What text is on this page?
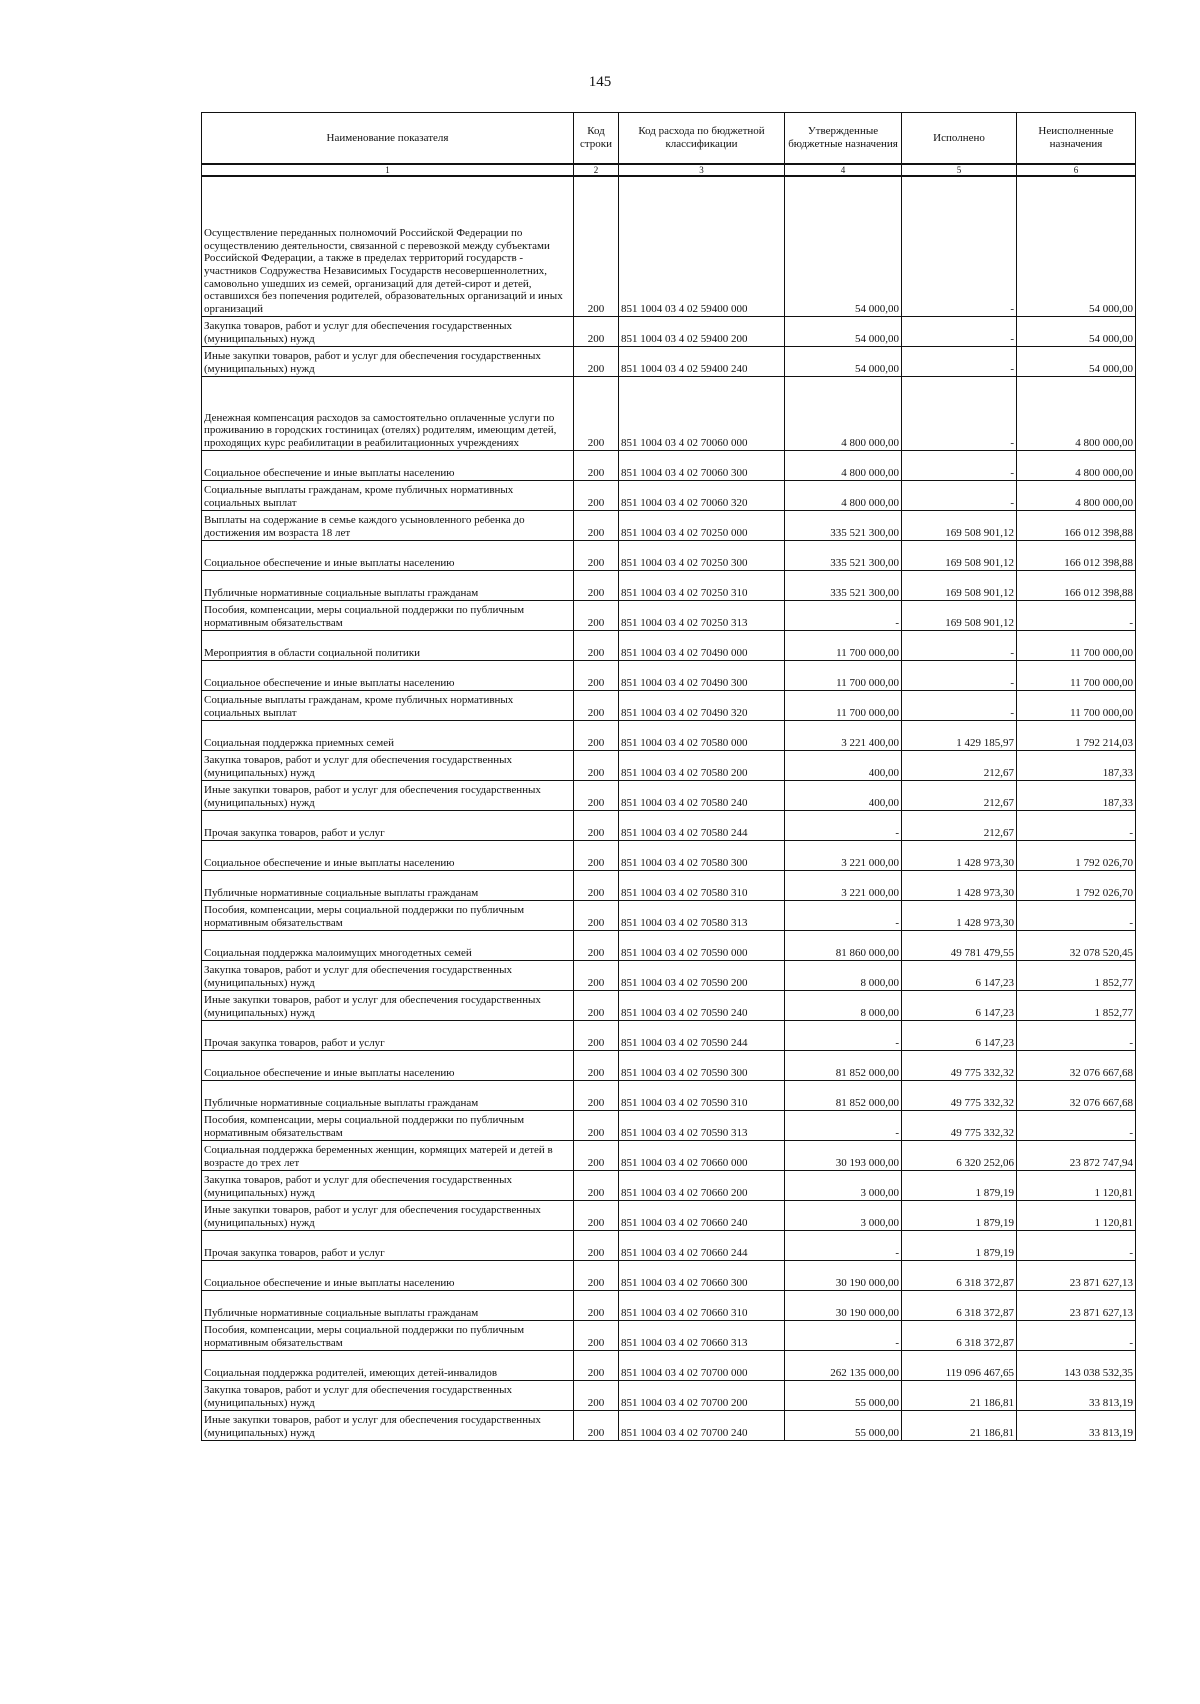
145
Наименование показателя	Код строки	Код расхода по бюджетной классификации	Утвержденные бюджетные назначения	Исполнено	Неисполненные назначения
1	2	3	4	5	6
Осуществление переданных полномочий Российской Федерации по осуществлению деятельности, связанной с перевозкой между субъектами Российской Федерации, а также в пределах территорий государств - участников Содружества Независимых Государств несовершеннолетних, самовольно ушедших из семей, организаций для детей-сирот и детей, оставшихся без попечения родителей, образовательных организаций и иных организаций	200	851 1004 03 4 02 59400 000	54 000,00	-	54 000,00
Закупка товаров, работ и услуг для обеспечения государственных (муниципальных) нужд	200	851 1004 03 4 02 59400 200	54 000,00	-	54 000,00
Иные закупки товаров, работ и услуг для обеспечения государственных (муниципальных) нужд	200	851 1004 03 4 02 59400 240	54 000,00	-	54 000,00
Денежная компенсация расходов за самостоятельно оплаченные услуги по проживанию в городских гостиницах (отелях) родителям, имеющим детей, проходящих курс реабилитации в реабилитационных учреждениях	200	851 1004 03 4 02 70060 000	4 800 000,00	-	4 800 000,00
Социальное обеспечение и иные выплаты населению	200	851 1004 03 4 02 70060 300	4 800 000,00	-	4 800 000,00
Социальные выплаты гражданам, кроме публичных нормативных социальных выплат	200	851 1004 03 4 02 70060 320	4 800 000,00	-	4 800 000,00
Выплаты на содержание в семье каждого усыновленного ребенка до достижения им возраста 18 лет	200	851 1004 03 4 02 70250 000	335 521 300,00	169 508 901,12	166 012 398,88
Социальное обеспечение и иные выплаты населению	200	851 1004 03 4 02 70250 300	335 521 300,00	169 508 901,12	166 012 398,88
Публичные нормативные социальные выплаты гражданам	200	851 1004 03 4 02 70250 310	335 521 300,00	169 508 901,12	166 012 398,88
Пособия, компенсации, меры социальной поддержки по публичным нормативным обязательствам	200	851 1004 03 4 02 70250 313	-	169 508 901,12	-
Мероприятия в области социальной политики	200	851 1004 03 4 02 70490 000	11 700 000,00	-	11 700 000,00
Социальное обеспечение и иные выплаты населению	200	851 1004 03 4 02 70490 300	11 700 000,00	-	11 700 000,00
Социальные выплаты гражданам, кроме публичных нормативных социальных выплат	200	851 1004 03 4 02 70490 320	11 700 000,00	-	11 700 000,00
Социальная поддержка приемных семей	200	851 1004 03 4 02 70580 000	3 221 400,00	1 429 185,97	1 792 214,03
Закупка товаров, работ и услуг для обеспечения государственных (муниципальных) нужд	200	851 1004 03 4 02 70580 200	400,00	212,67	187,33
Иные закупки товаров, работ и услуг для обеспечения государственных (муниципальных) нужд	200	851 1004 03 4 02 70580 240	400,00	212,67	187,33
Прочая закупка товаров, работ и услуг	200	851 1004 03 4 02 70580 244	-	212,67	-
Социальное обеспечение и иные выплаты населению	200	851 1004 03 4 02 70580 300	3 221 000,00	1 428 973,30	1 792 026,70
Публичные нормативные социальные выплаты гражданам	200	851 1004 03 4 02 70580 310	3 221 000,00	1 428 973,30	1 792 026,70
Пособия, компенсации, меры социальной поддержки по публичным нормативным обязательствам	200	851 1004 03 4 02 70580 313	-	1 428 973,30	-
Социальная поддержка малоимущих многодетных семей	200	851 1004 03 4 02 70590 000	81 860 000,00	49 781 479,55	32 078 520,45
Закупка товаров, работ и услуг для обеспечения государственных (муниципальных) нужд	200	851 1004 03 4 02 70590 200	8 000,00	6 147,23	1 852,77
Иные закупки товаров, работ и услуг для обеспечения государственных (муниципальных) нужд	200	851 1004 03 4 02 70590 240	8 000,00	6 147,23	1 852,77
Прочая закупка товаров, работ и услуг	200	851 1004 03 4 02 70590 244	-	6 147,23	-
Социальное обеспечение и иные выплаты населению	200	851 1004 03 4 02 70590 300	81 852 000,00	49 775 332,32	32 076 667,68
Публичные нормативные социальные выплаты гражданам	200	851 1004 03 4 02 70590 310	81 852 000,00	49 775 332,32	32 076 667,68
Пособия, компенсации, меры социальной поддержки по публичным нормативным обязательствам	200	851 1004 03 4 02 70590 313	-	49 775 332,32	-
Социальная поддержка беременных женщин, кормящих матерей и детей в возрасте до трех лет	200	851 1004 03 4 02 70660 000	30 193 000,00	6 320 252,06	23 872 747,94
Закупка товаров, работ и услуг для обеспечения государственных (муниципальных) нужд	200	851 1004 03 4 02 70660 200	3 000,00	1 879,19	1 120,81
Иные закупки товаров, работ и услуг для обеспечения государственных (муниципальных) нужд	200	851 1004 03 4 02 70660 240	3 000,00	1 879,19	1 120,81
Прочая закупка товаров, работ и услуг	200	851 1004 03 4 02 70660 244	-	1 879,19	-
Социальное обеспечение и иные выплаты населению	200	851 1004 03 4 02 70660 300	30 190 000,00	6 318 372,87	23 871 627,13
Публичные нормативные социальные выплаты гражданам	200	851 1004 03 4 02 70660 310	30 190 000,00	6 318 372,87	23 871 627,13
Пособия, компенсации, меры социальной поддержки по публичным нормативным обязательствам	200	851 1004 03 4 02 70660 313	-	6 318 372,87	-
Социальная поддержка родителей, имеющих детей-инвалидов	200	851 1004 03 4 02 70700 000	262 135 000,00	119 096 467,65	143 038 532,35
Закупка товаров, работ и услуг для обеспечения государственных (муниципальных) нужд	200	851 1004 03 4 02 70700 200	55 000,00	21 186,81	33 813,19
Иные закупки товаров, работ и услуг для обеспечения государственных (муниципальных) нужд	200	851 1004 03 4 02 70700 240	55 000,00	21 186,81	33 813,19
